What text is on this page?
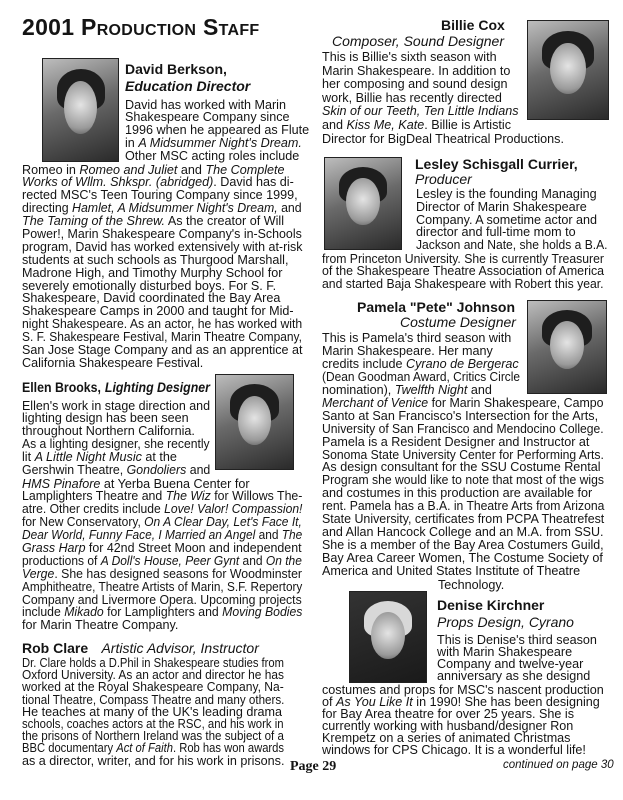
2001 Production Staff
David Berkson,
Education Director
David has worked with Marin
Shakespeare Company since
1996 when he appeared as Flute
in A Midsummer Night's Dream.
Other MSC acting roles include
Romeo in Romeo and Juliet and The Complete
Works of Wllm. Shkspr. (abridged). David has di-
rected MSC's Teen Touring Company since 1999,
directing Hamlet, A Midsummer Night's Dream, and
The Taming of the Shrew. As the creator of Will
Power!, Marin Shakespeare Company's in-Schools
program, David has worked extensively with at-risk
students at such schools as Thurgood Marshall,
Madrone High, and Timothy Murphy School for
severely emotionally disturbed boys. For S. F.
Shakespeare, David coordinated the Bay Area
Shakespeare Camps in 2000 and taught for Mid-
night Shakespeare. As an actor, he has worked with
S. F. Shakespeare Festival, Marin Theatre Company,
San Jose Stage Company and as an apprentice at
California Shakespeare Festival.
Ellen Brooks, Lighting Designer
Ellen's work in stage direction and
lighting design has been seen
throughout Northern California.
As a lighting designer, she recently
lit A Little Night Music at the
Gershwin Theatre, Gondoliers and
HMS Pinafore at Yerba Buena Center for
Lamplighters Theatre and The Wiz for Willows The-
atre. Other credits include Love! Valor! Compassion!
for New Conservatory, On A Clear Day, Let's Face It,
Dear World, Funny Face, I Married an Angel and The
Grass Harp for 42nd Street Moon and independent
productions of A Doll's House, Peer Gynt and On the
Verge. She has designed seasons for Woodminster
Amphitheatre, Theatre Artists of Marin, S.F. Repertory
Company and Livermore Opera. Upcoming projects
include Mikado for Lamplighters and Moving Bodies
for Marin Theatre Company.
Rob Clare Artistic Advisor, Instructor
Dr. Clare holds a D.Phil in Shakespeare studies from
Oxford University. As an actor and director he has
worked at the Royal Shakespeare Company, Na-
tional Theatre, Compass Theatre and many others.
He teaches at many of the UK's leading drama
schools, coaches actors at the RSC, and his work in
the prisons of Northern Ireland was the subject of a
BBC documentary Act of Faith. Rob has won awards
as a director, writer, and for his work in prisons.
Billie Cox
Composer, Sound Designer
This is Billie's sixth season with
Marin Shakespeare. In addition to
her composing and sound design
work, Billie has recently directed
Skin of our Teeth, Ten Little Indians
and Kiss Me, Kate. Billie is Artistic
Director for BigDeal Theatrical Productions.
Lesley Schisgall Currier,
Producer
Lesley is the founding Managing
Director of Marin Shakespeare
Company. A sometime actor and
director and full-time mom to
Jackson and Nate, she holds a B.A.
from Princeton University. She is currently Treasurer
of the Shakespeare Theatre Association of America
and started Baja Shakespeare with Robert this year.
Pamela "Pete" Johnson
Costume Designer
This is Pamela's third season with
Marin Shakespeare. Her many
credits include Cyrano de Bergerac
(Dean Goodman Award, Critics Circle
nomination), Twelfth Night and
Merchant of Venice for Marin Shakespeare, Campo
Santo at San Francisco's Intersection for the Arts,
University of San Francisco and Mendocino College.
Pamela is a Resident Designer and Instructor at
Sonoma State University Center for Performing Arts.
As design consultant for the SSU Costume Rental
Program she would like to note that most of the wigs
and costumes in this production are available for
rent. Pamela has a B.A. in Theatre Arts from Arizona
State University, certificates from PCPA Theatrefest
and Allan Hancock College and an M.A. from SSU.
She is a member of the Bay Area Costumers Guild,
Bay Area Career Women, The Costume Society of
America and United States Institute of Theatre
Technology.
Denise Kirchner
Props Design, Cyrano
This is Denise's third season
with Marin Shakespeare
Company and twelve-year
anniversary as she designd
costumes and props for MSC's nascent production
of As You Like It in 1990! She has been designing
for Bay Area theatre for over 25 years. She is
currently working with husband/designer Ron
Krempetz on a series of animated Christmas
windows for CPS Chicago. It is a wonderful life!
Page 29	continued on page 30
